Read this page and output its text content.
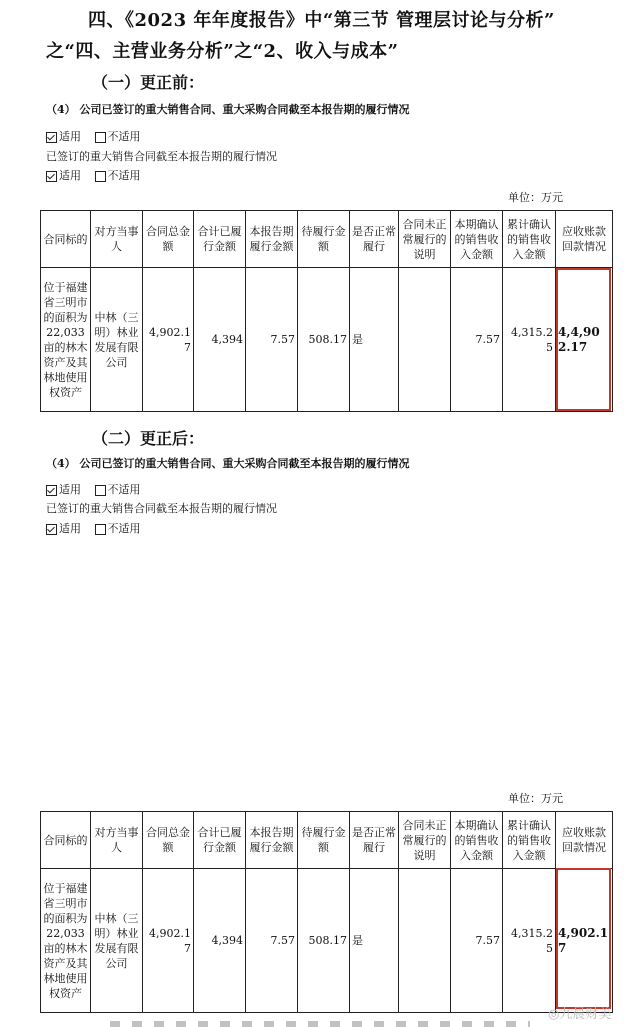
四、《2023 年年度报告》中“第三节 管理层讨论与分析”
之“四、主营业务分析”之“2、收入与成本”
（一）更正前：
（4） 公司已签订的重大销售合同、重大采购合同截至本报告期的履行情况
适用 不适用
已签订的重大销售合同截至本报告期的履行情况
适用 不适用
单位：万元
合同标的	对方当事人	合同总金额	合计已履行金额	本报告期履行金额	待履行金额	是否正常履行	合同未正常履行的说明	本期确认的销售收入金额	累计确认的销售收入金额	应收账款回款情况
位于福建省三明市的面积为22,033亩的林木资产及其林地使用权资产	中林（三明）林业发展有限公司	4,902.17	4,394	7.57	508.17	是		7.57	4,315.25	4,4,902.17
（二）更正后：
（4） 公司已签订的重大销售合同、重大采购合同截至本报告期的履行情况
适用 不适用
已签订的重大销售合同截至本报告期的履行情况
适用 不适用
单位：万元
合同标的	对方当事人	合同总金额	合计已履行金额	本报告期履行金额	待履行金额	是否正常履行	合同未正常履行的说明	本期确认的销售收入金额	累计确认的销售收入金额	应收账款回款情况
位于福建省三明市的面积为22,033亩的林木资产及其林地使用权资产	中林（三明）林业发展有限公司	4,902.17	4,394	7.57	508.17	是		7.57	4,315.25	4,902.17
◎九晨财美
